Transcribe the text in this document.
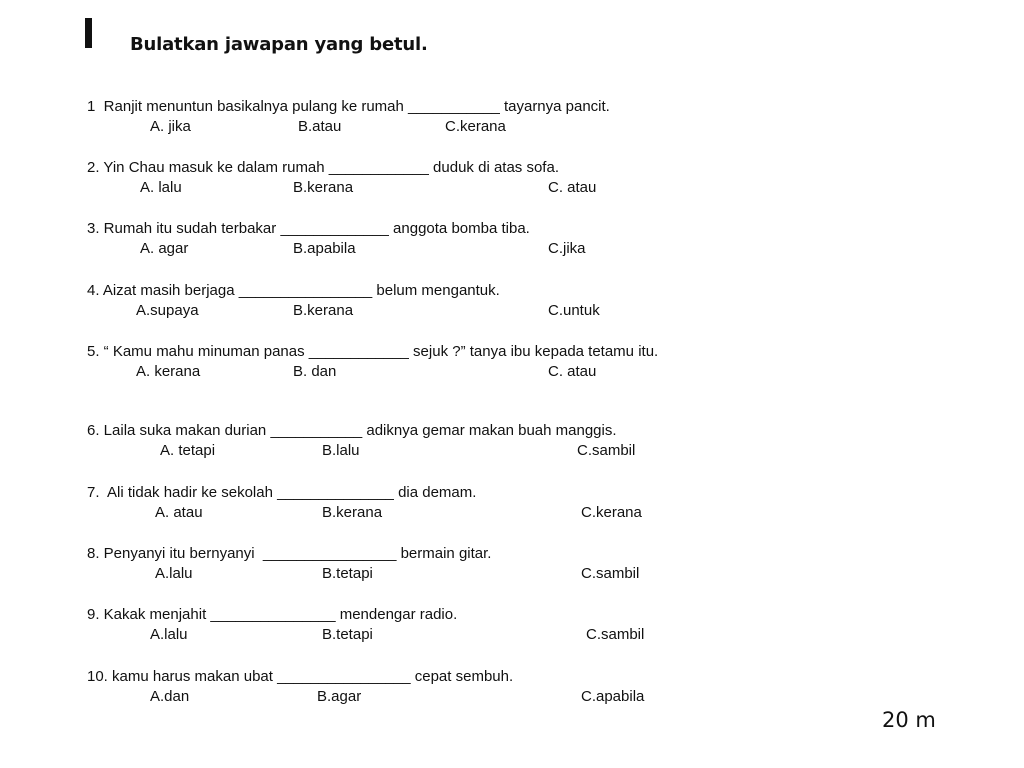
Bulatkan jawapan yang betul.
1  Ranjit menuntun basikalnya pulang ke rumah ___________ tayarnya pancit.
A. jika	B.atau	C.kerana
2. Yin Chau masuk ke dalam rumah ____________ duduk di atas sofa.
A. lalu	B.kerana	C. atau
3. Rumah itu sudah terbakar _____________ anggota bomba tiba.
A. agar	B.apabila	C.jika
4. Aizat masih berjaga ________________ belum mengantuk.
A.supaya	B.kerana	C.untuk
5. “ Kamu mahu minuman panas ____________ sejuk ?” tanya ibu kepada tetamu itu.
A. kerana	B. dan	C. atau
6. Laila suka makan durian ___________ adiknya gemar makan buah manggis.
A. tetapi	B.lalu	C.sambil
7.  Ali tidak hadir ke sekolah ______________ dia demam.
A. atau	B.kerana	C.kerana
8. Penyanyi itu bernyanyi  ________________ bermain gitar.
A.lalu	B.tetapi	C.sambil
9. Kakak menjahit _______________ mendengar radio.
A.lalu	B.tetapi	C.sambil
10. kamu harus makan ubat ________________ cepat sembuh.
A.dan	B.agar	C.apabila
20 m
